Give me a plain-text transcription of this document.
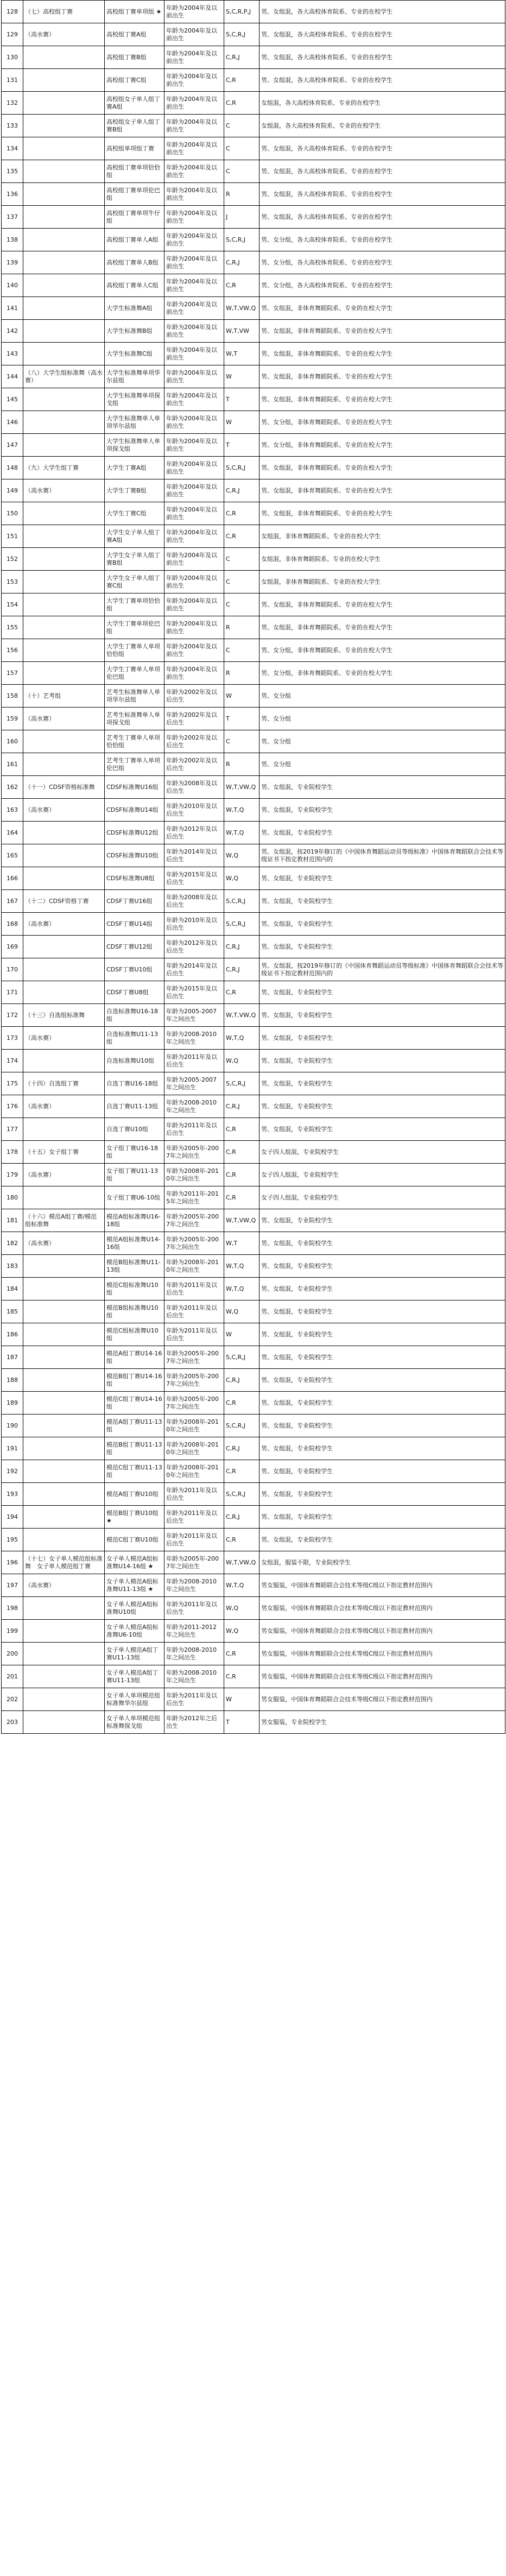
128	（七）高校组丁赛	高校组丁赛单项组 ★	年龄为2004年及以前出生	S,C,R,P,J	男、女组混，各大高校体育院系、专业的在校学生
129	（高水赛）	高校组丁赛A组	年龄为2004年及以前出生	S,C,R,J	男、女组混，各大高校体育院系、专业的在校学生
130		高校组丁赛B组	年龄为2004年及以前出生	C,R,J	男、女组混，各大高校体育院系、专业的在校学生
131		高校组丁赛C组	年龄为2004年及以前出生	C,R	男、女组混，各大高校体育院系、专业的在校学生
132		高校组女子单人组丁赛A组	年龄为2004年及以前出生	C,R	女组混，各大高校体育院系、专业的在校学生
133		高校组女子单人组丁赛B组	年龄为2004年及以前出生	C	女组混，各大高校体育院系、专业的在校学生
134		高校组单项组丁赛	年龄为2004年及以前出生	C	男、女组混，各大高校体育院系、专业的在校学生
135		高校组丁赛单项恰恰组	年龄为2004年及以前出生	C	男、女组混，各大高校体育院系、专业的在校学生
136		高校组丁赛单项伦巴组	年龄为2004年及以前出生	R	男、女组混，各大高校体育院系、专业的在校学生
137		高校组丁赛单项牛仔组	年龄为2004年及以前出生	J	男、女组混，各大高校体育院系、专业的在校学生
138		高校组丁赛单人A组	年龄为2004年及以前出生	S,C,R,J	男、女分组，各大高校体育院系、专业的在校学生
139		高校组丁赛单人B组	年龄为2004年及以前出生	C,R,J	男、女分组，各大高校体育院系、专业的在校学生
140		高校组丁赛单人C组	年龄为2004年及以前出生	C,R	男、女分组，各大高校体育院系、专业的在校学生
141		大学生标准舞A组	年龄为2004年及以前出生	W,T,VW,Q	男、女组混，非体育舞蹈院系、专业的在校大学生
142		大学生标准舞B组	年龄为2004年及以前出生	W,T,VW	男、女组混，非体育舞蹈院系、专业的在校大学生
143		大学生标准舞C组	年龄为2004年及以前出生	W,T	男、女组混，非体育舞蹈院系、专业的在校大学生
144	（八）大学生组标准舞（高水赛）	大学生标准舞单项华尔兹组	年龄为2004年及以前出生	W	男、女组混，非体育舞蹈院系、专业的在校大学生
145		大学生标准舞单项探戈组	年龄为2004年及以前出生	T	男、女组混，非体育舞蹈院系、专业的在校大学生
146		大学生标准舞单人单项华尔兹组	年龄为2004年及以前出生	W	男、女分组，非体育舞蹈院系、专业的在校大学生
147		大学生标准舞单人单项探戈组	年龄为2004年及以前出生	T	男、女分组，非体育舞蹈院系、专业的在校大学生
148	（九）大学生组丁赛	大学生丁赛A组	年龄为2004年及以前出生	S,C,R,J	男、女组混，非体育舞蹈院系、专业的在校大学生
149	（高水赛）	大学生丁赛B组	年龄为2004年及以前出生	C,R,J	男、女组混，非体育舞蹈院系、专业的在校大学生
150		大学生丁赛C组	年龄为2004年及以前出生	C,R	男、女组混，非体育舞蹈院系、专业的在校大学生
151		大学生女子单人组丁赛A组	年龄为2004年及以前出生	C,R	女组混，非体育舞蹈院系、专业的在校大学生
152		大学生女子单人组丁赛B组	年龄为2004年及以前出生	C	女组混，非体育舞蹈院系、专业的在校大学生
153		大学生女子单人组丁赛C组	年龄为2004年及以前出生	C	女组混，非体育舞蹈院系、专业的在校大学生
154		大学生丁赛单项恰恰组	年龄为2004年及以前出生	C	男、女组混，非体育舞蹈院系、专业的在校大学生
155		大学生丁赛单项伦巴组	年龄为2004年及以前出生	R	男、女组混，非体育舞蹈院系、专业的在校大学生
156		大学生丁赛单人单项恰恰组	年龄为2004年及以前出生	C	男、女分组，非体育舞蹈院系、专业的在校大学生
157		大学生丁赛单人单项伦巴组	年龄为2004年及以前出生	R	男、女分组，非体育舞蹈院系、专业的在校大学生
158	（十）艺考组	艺考生标准舞单人单项华尔兹组	年龄为2002年及以后出生	W	男、女分组
159	（高水赛）	艺考生标准舞单人单项探戈组	年龄为2002年及以后出生	T	男、女分组
160		艺考生丁赛单人单项恰恰组	年龄为2002年及以后出生	C	男、女分组
161		艺考生丁赛单人单项伦巴组	年龄为2002年及以后出生	R	男、女分组
162	（十一）CDSF资格标准舞	CDSF标准舞U16组	年龄为2008年及以后出生	W,T,VW,Q	男、女组混，专业院校学生
163	（高水赛）	CDSF标准舞U14组	年龄为2010年及以后出生	W,T,Q	男、女组混，专业院校学生
164		CDSF标准舞U12组	年龄为2012年及以后出生	W,T,Q	男、女组混，专业院校学生
165		CDSF标准舞U10组	年龄为2014年及以后出生	W,Q	男、女组混，按2019年修订的《中国体育舞蹈运动员等级标准》中国体育舞蹈联合会技术等级证书下指定教材范围内的
166		CDSF标准舞U8组	年龄为2015年及以后出生	W,Q	男、女组混，专业院校学生
167	（十二）CDSF资格丁赛	CDSF丁赛U16组	年龄为2008年及以后出生	S,C,R,J	男、女组混，专业院校学生
168	（高水赛）	CDSF丁赛U14组	年龄为2010年及以后出生	S,C,R,J	男、女组混，专业院校学生
169		CDSF丁赛U12组	年龄为2012年及以后出生	C,R,J	男、女组混，专业院校学生
170		CDSF丁赛U10组	年龄为2014年及以后出生	C,R,J	男、女组混，按2019年修订的《中国体育舞蹈运动员等级标准》中国体育舞蹈联合会技术等级证书下指定教材范围内的
171		CDSF丁赛U8组	年龄为2015年及以后出生	C,R	男、女组混，专业院校学生
172	（十三）自选组标准舞	自选标准舞U16-18组	年龄为2005-2007年之间出生	W,T,VW,Q	男、女组混，专业院校学生
173	（高水赛）	自选标准舞U11-13组	年龄为2008-2010年之间出生	W,T,Q	男、女组混，专业院校学生
174		自选标准舞U10组	年龄为2011年及以后出生	W,Q	男、女组混，专业院校学生
175	（十四）自选组丁赛	自选丁赛U16-18组	年龄为2005-2007年之间出生	S,C,R,J	男、女组混，专业院校学生
176	（高水赛）	自选丁赛U11-13组	年龄为2008-2010年之间出生	C,R,J	男、女组混，专业院校学生
177		自选丁赛U10组	年龄为2011年及以后出生	C,R	男、女组混，专业院校学生
178	（十五）女子组丁赛	女子组丁赛U16-18组	年龄为2005年-2007年之间出生	C,R	女子四人组混，专业院校学生
179	（高水赛）	女子组丁赛U11-13组	年龄为2008年-2010年之间出生	C,R	女子四人组混，专业院校学生
180		女子组丁赛U6-10组	年龄为2011年-2015年之间出生	C,R	女子四人组混，专业院校学生
181	（十六）模范A组丁赛/模范组标准舞	模范A组标准舞U16-18组	年龄为2005年-2007年之间出生	W,T,VW,Q	男、女组混，专业院校学生
182	（高水赛）	模范A组标准舞U14-16组	年龄为2005年-2007年之间出生	W,T	男、女组混，专业院校学生
183		模范B组标准舞U11-13组	年龄为2008年-2010年之间出生	W,T,Q	男、女组混，专业院校学生
184		模范C组标准舞U10组	年龄为2011年及以后出生	W,T,Q	男、女组混，专业院校学生
185		模范B组标准舞U10组	年龄为2011年及以后出生	W,Q	男、女组混，专业院校学生
186		模范C组标准舞U10组	年龄为2011年及以后出生	W	男、女组混，专业院校学生
187		模范A组丁赛U14-16组	年龄为2005年-2007年之间出生	S,C,R,J	男、女组混，专业院校学生
188		模范B组丁赛U14-16组	年龄为2005年-2007年之间出生	C,R,J	男、女组混，专业院校学生
189		模范C组丁赛U14-16组	年龄为2005年-2007年之间出生	C,R	男、女组混，专业院校学生
190		模范A组丁赛U11-13组	年龄为2008年-2010年之间出生	S,C,R,J	男、女组混，专业院校学生
191		模范B组丁赛U11-13组	年龄为2008年-2010年之间出生	C,R,J	男、女组混，专业院校学生
192		模范C组丁赛U11-13组	年龄为2008年-2010年之间出生	C,R	男、女组混，专业院校学生
193		模范A组丁赛U10组	年龄为2011年及以后出生	S,C,R,J	男、女组混，专业院校学生
194		模范B组丁赛U10组 ★	年龄为2011年及以后出生	C,R,J	男、女组混，专业院校学生
195		模范C组丁赛U10组	年龄为2011年及以后出生	C,R	男、女组混，专业院校学生
196	（十七）女子单人模范组标准舞　女子单人模范组丁赛	女子单人模范A组标准舞U14-16组 ★	年龄为2005年-2007年之间出生	W,T,VW,Q	女组混，服装不限，专业院校学生
197	（高水赛）	女子单人模范A组标准舞U11-13组 ★	年龄为2008-2010年之间出生	W,T,Q	男女服装，中国体育舞蹈联合会技术等级C级以下指定教材范围内
198		女子单人模范A组标准舞U10组	年龄为2011年及以后出生	W,Q	男女服装，中国体育舞蹈联合会技术等级C级以下指定教材范围内
199		女子单人模范A组标准舞U6-10组	年龄为2011-2012年之间出生	W,Q	男女服装，中国体育舞蹈联合会技术等级C级以下指定教材范围内
200		女子单人模范A组丁赛U11-13组	年龄为2008-2010年之间出生	C,R	男女服装，中国体育舞蹈联合会技术等级C级以下指定教材范围内
201		女子单人模范A组丁赛U11-13组	年龄为2008-2010年之间出生	C,R	男女服装，中国体育舞蹈联合会技术等级C级以下指定教材范围内
202		女子单人单项模范组标准舞华尔兹组	年龄为2011年及以后出生	W	男女服装，中国体育舞蹈联合会技术等级C级以下指定教材范围内
203		女子单人单项模范组标准舞探戈组	年龄为2012年之后出生	T	男女服装，专业院校学生
